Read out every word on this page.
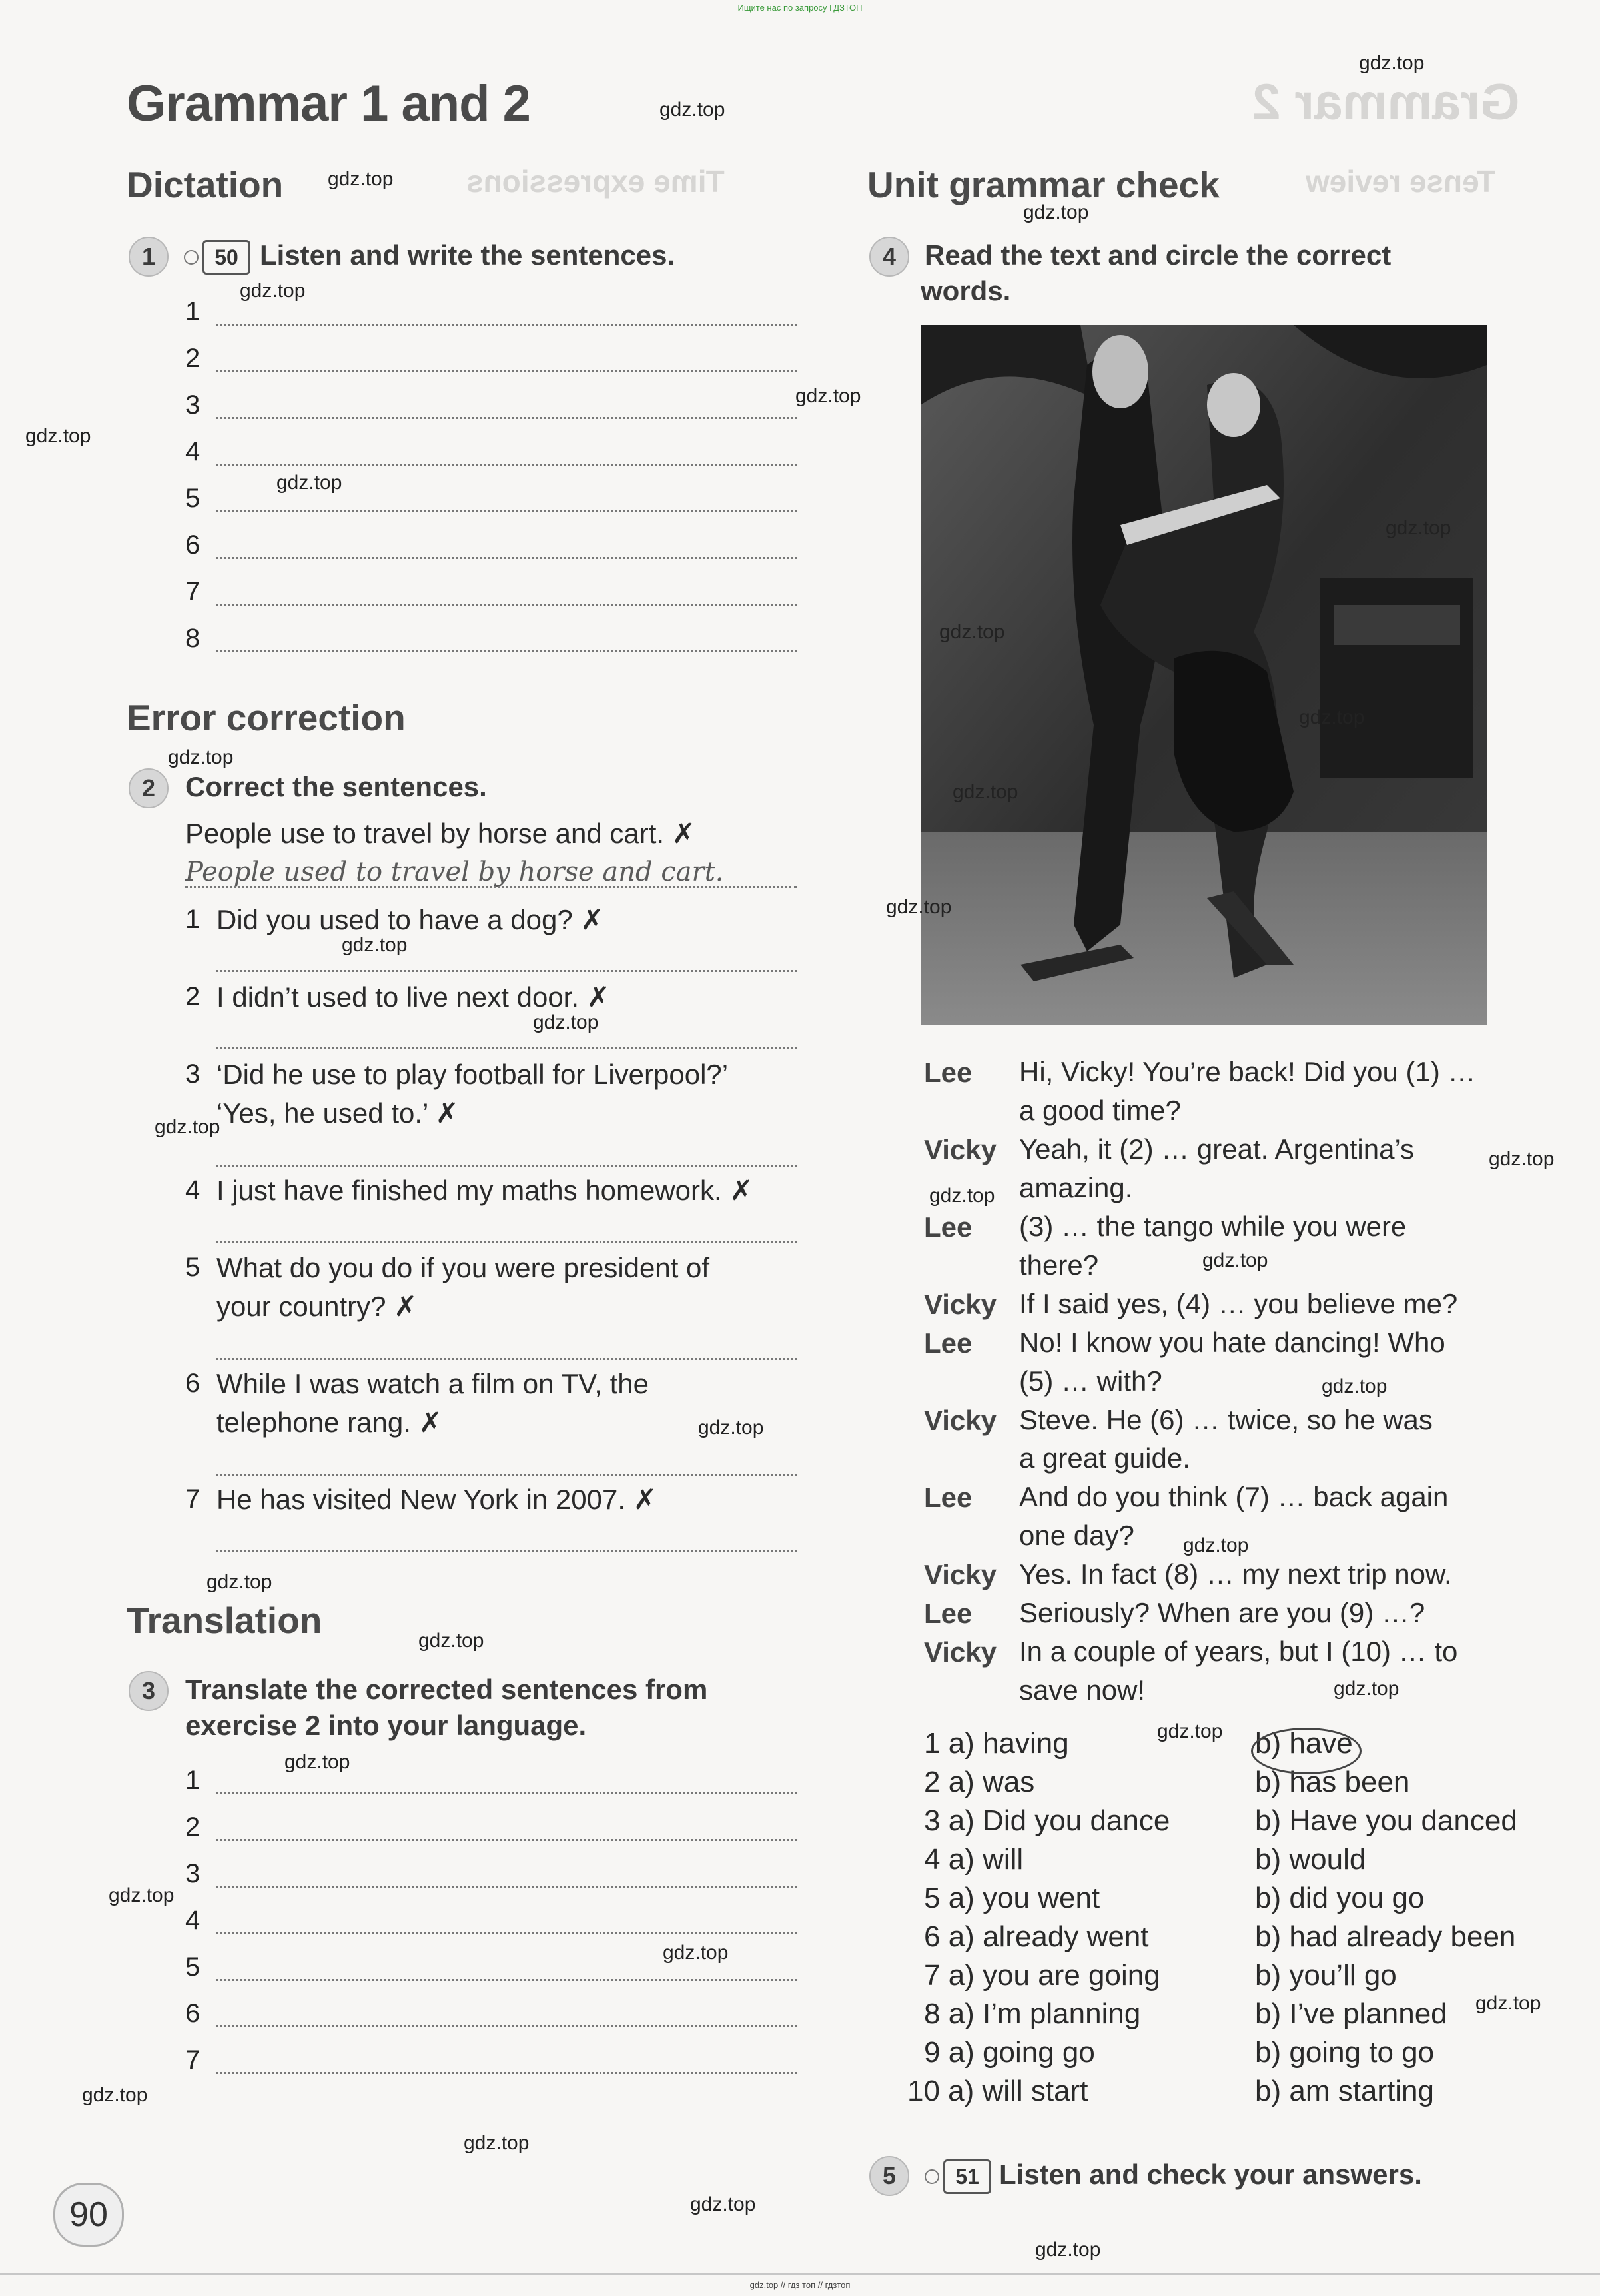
Ищите нас по запросу ГДЗТОП
gdz.top // гдз топ // гдзтоп
Grammar 2
Tense review
Time expressions
Grammar 1 and 2
Dictation
1	50 Listen and write the sentences.
1
2
3
4
5
6
7
8
Error correction
2	Correct the sentences.
People use to travel by horse and cart. ✗
People used to travel by horse and cart.
1 Did you used to have a dog? ✗
2 I didn’t used to live next door. ✗
3 ‘Did he use to play football for Liverpool?’
‘Yes, he used to.’ ✗
4 I just have finished my maths homework. ✗
5 What do you do if you were president of
your country? ✗
6 While I was watch a film on TV, the
telephone rang. ✗
7 He has visited New York in 2007. ✗
Translation
3	Translate the corrected sentences from
exercise 2 into your language.
1
2
3
4
5
6
7
Unit grammar check
4	Read the text and circle the correct
words.
Lee Hi, Vicky! You’re back! Did you (1) …
a good time?
Vicky Yeah, it (2) … great. Argentina’s
amazing.
Lee (3) … the tango while you were
there?
Vicky If I said yes, (4) … you believe me?
Lee No! I know you hate dancing! Who
(5) … with?
Vicky Steve. He (6) … twice, so he was
a great guide.
Lee And do you think (7) … back again
one day?
Vicky Yes. In fact (8) … my next trip now.
Lee Seriously? When are you (9) …?
Vicky In a couple of years, but I (10) … to
save now!
1 a) having	b) have
2 a) was	b) has been
3 a) Did you dance	b) Have you danced
4 a) will	b) would
5 a) you went	b) did you go
6 a) already went	b) had already been
7 a) you are going	b) you’ll go
8 a) I’m planning	b) I’ve planned
9 a) going go	b) going to go
10 a) will start	b) am starting
5	51 Listen and check your answers.
90
gdz.top
gdz.top
gdz.top
gdz.top
gdz.top
gdz.top
gdz.top
gdz.top
gdz.top
gdz.top
gdz.top
gdz.top
gdz.top
gdz.top
gdz.top
gdz.top
gdz.top
gdz.top
gdz.top
gdz.top
gdz.top
gdz.top
gdz.top
gdz.top
gdz.top
gdz.top
gdz.top
gdz.top
gdz.top
gdz.top
gdz.top
gdz.top
gdz.top
gdz.top
gdz.top
